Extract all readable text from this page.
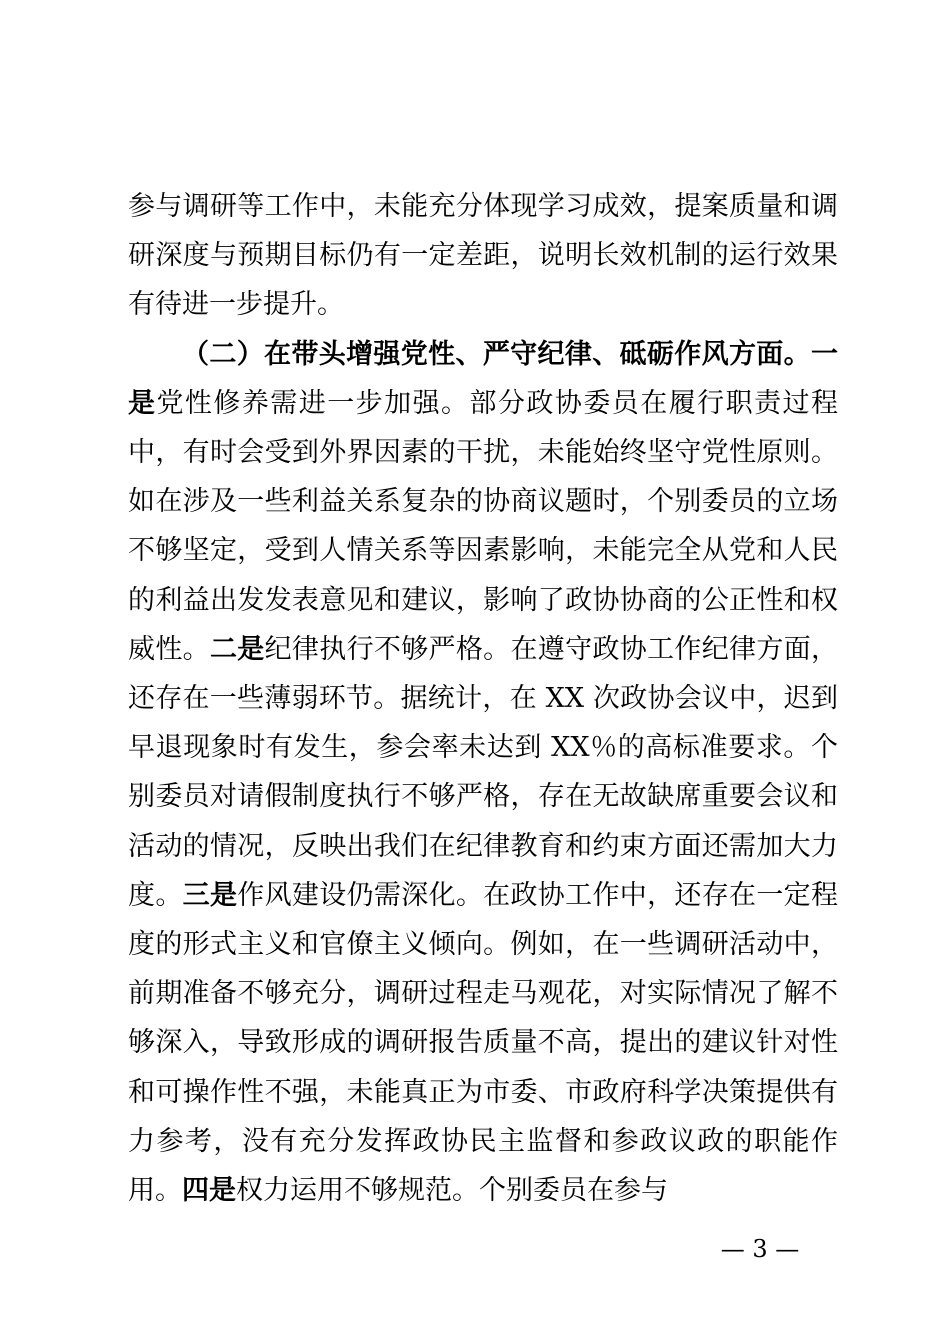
参与调研等工作中，未能充分体现学习成效，提案质量和调研深度与预期目标仍有一定差距，说明长效机制的运行效果有待进一步提升。

（二）在带头增强党性、严守纪律、砥砺作风方面。一是党性修养需进一步加强。部分政协委员在履行职责过程中，有时会受到外界因素的干扰，未能始终坚守党性原则。如在涉及一些利益关系复杂的协商议题时，个别委员的立场不够坚定，受到人情关系等因素影响，未能完全从党和人民的利益出发发表意见和建议，影响了政协协商的公正性和权威性。二是纪律执行不够严格。在遵守政协工作纪律方面，还存在一些薄弱环节。据统计，在 XX 次政协会议中，迟到早退现象时有发生，参会率未达到 XX％的高标准要求。个别委员对请假制度执行不够严格，存在无故缺席重要会议和活动的情况，反映出我们在纪律教育和约束方面还需加大力度。三是作风建设仍需深化。在政协工作中，还存在一定程度的形式主义和官僚主义倾向。例如，在一些调研活动中，前期准备不够充分，调研过程走马观花，对实际情况了解不够深入，导致形成的调研报告质量不高，提出的建议针对性和可操作性不强，未能真正为市委、市政府科学决策提供有力参考，没有充分发挥政协民主监督和参政议政的职能作用。四是权力运用不够规范。个别委员在参与

— 3 —
